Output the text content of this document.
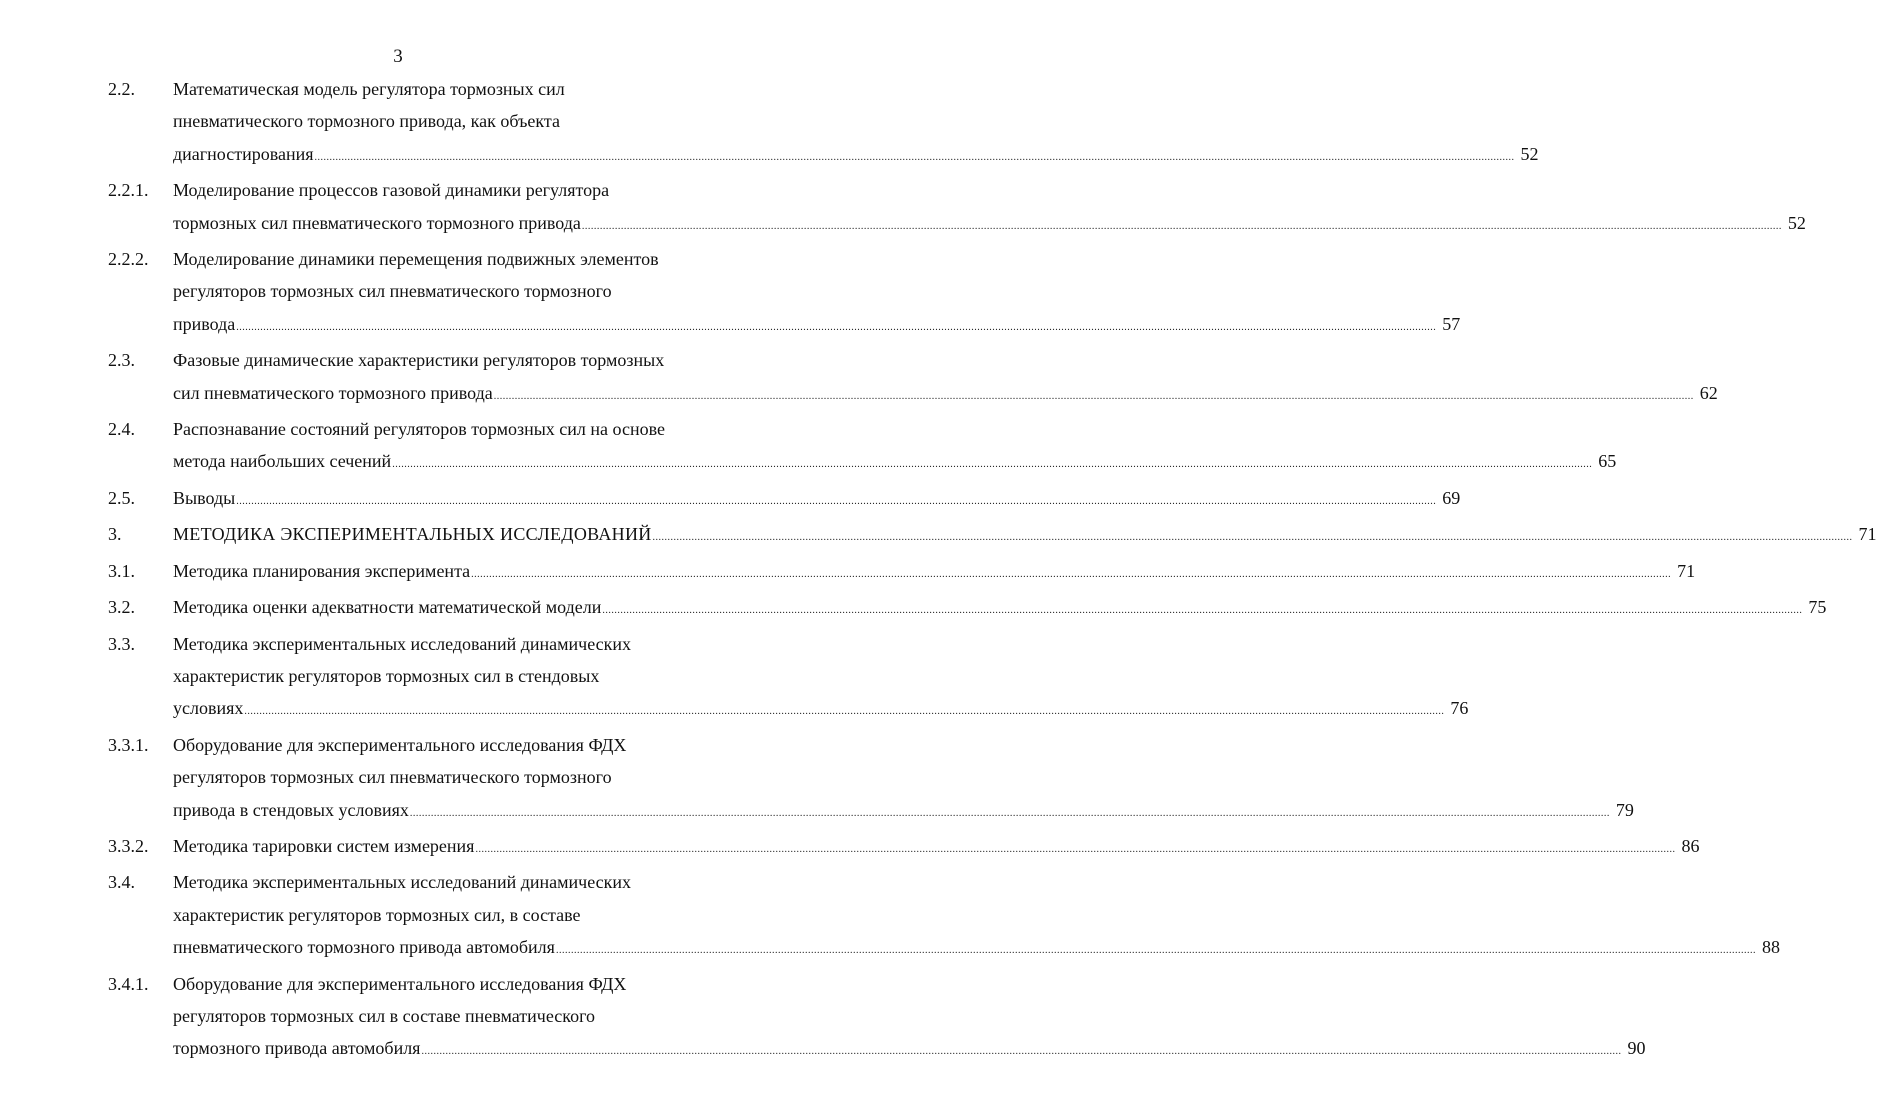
3
2.2.	Математическая модель регулятора тормозных сил
пневматического тормозного привода, как объекта
диагностирования ................................................................................................................................................................................................................................................................................................................................................................................................................ 52
2.2.1.	Моделирование процессов газовой динамики регулятора
тормозных сил пневматического тормозного привода ................................................................................................................................................................................................................................................................................................................................................................................................................ 52
2.2.2.	Моделирование динамики перемещения подвижных элементов
регуляторов тормозных сил пневматического тормозного
привода ................................................................................................................................................................................................................................................................................................................................................................................................................ 57
2.3.	Фазовые динамические характеристики регуляторов тормозных
сил пневматического тормозного привода ................................................................................................................................................................................................................................................................................................................................................................................................................ 62
2.4.	Распознавание состояний регуляторов тормозных сил на основе
метода наибольших сечений ................................................................................................................................................................................................................................................................................................................................................................................................................ 65
2.5.	Выводы ................................................................................................................................................................................................................................................................................................................................................................................................................ 69
3.	МЕТОДИКА ЭКСПЕРИМЕНТАЛЬНЫХ ИССЛЕДОВАНИЙ ................................................................................................................................................................................................................................................................................................................................................................................................................ 71
3.1.	Методика планирования эксперимента ................................................................................................................................................................................................................................................................................................................................................................................................................ 71
3.2.	Методика оценки адекватности математической модели ................................................................................................................................................................................................................................................................................................................................................................................................................ 75
3.3.	Методика экспериментальных исследований динамических
характеристик регуляторов тормозных сил в стендовых
условиях ................................................................................................................................................................................................................................................................................................................................................................................................................ 76
3.3.1.	Оборудование для экспериментального исследования ФДХ
регуляторов тормозных сил пневматического тормозного
привода в стендовых условиях ................................................................................................................................................................................................................................................................................................................................................................................................................ 79
3.3.2.	Методика тарировки систем измерения ................................................................................................................................................................................................................................................................................................................................................................................................................ 86
3.4.	Методика экспериментальных исследований динамических
характеристик регуляторов тормозных сил, в составе
пневматического тормозного привода автомобиля ................................................................................................................................................................................................................................................................................................................................................................................................................ 88
3.4.1.	Оборудование для экспериментального исследования ФДХ
регуляторов тормозных сил в составе пневматического
тормозного привода автомобиля ................................................................................................................................................................................................................................................................................................................................................................................................................ 90
